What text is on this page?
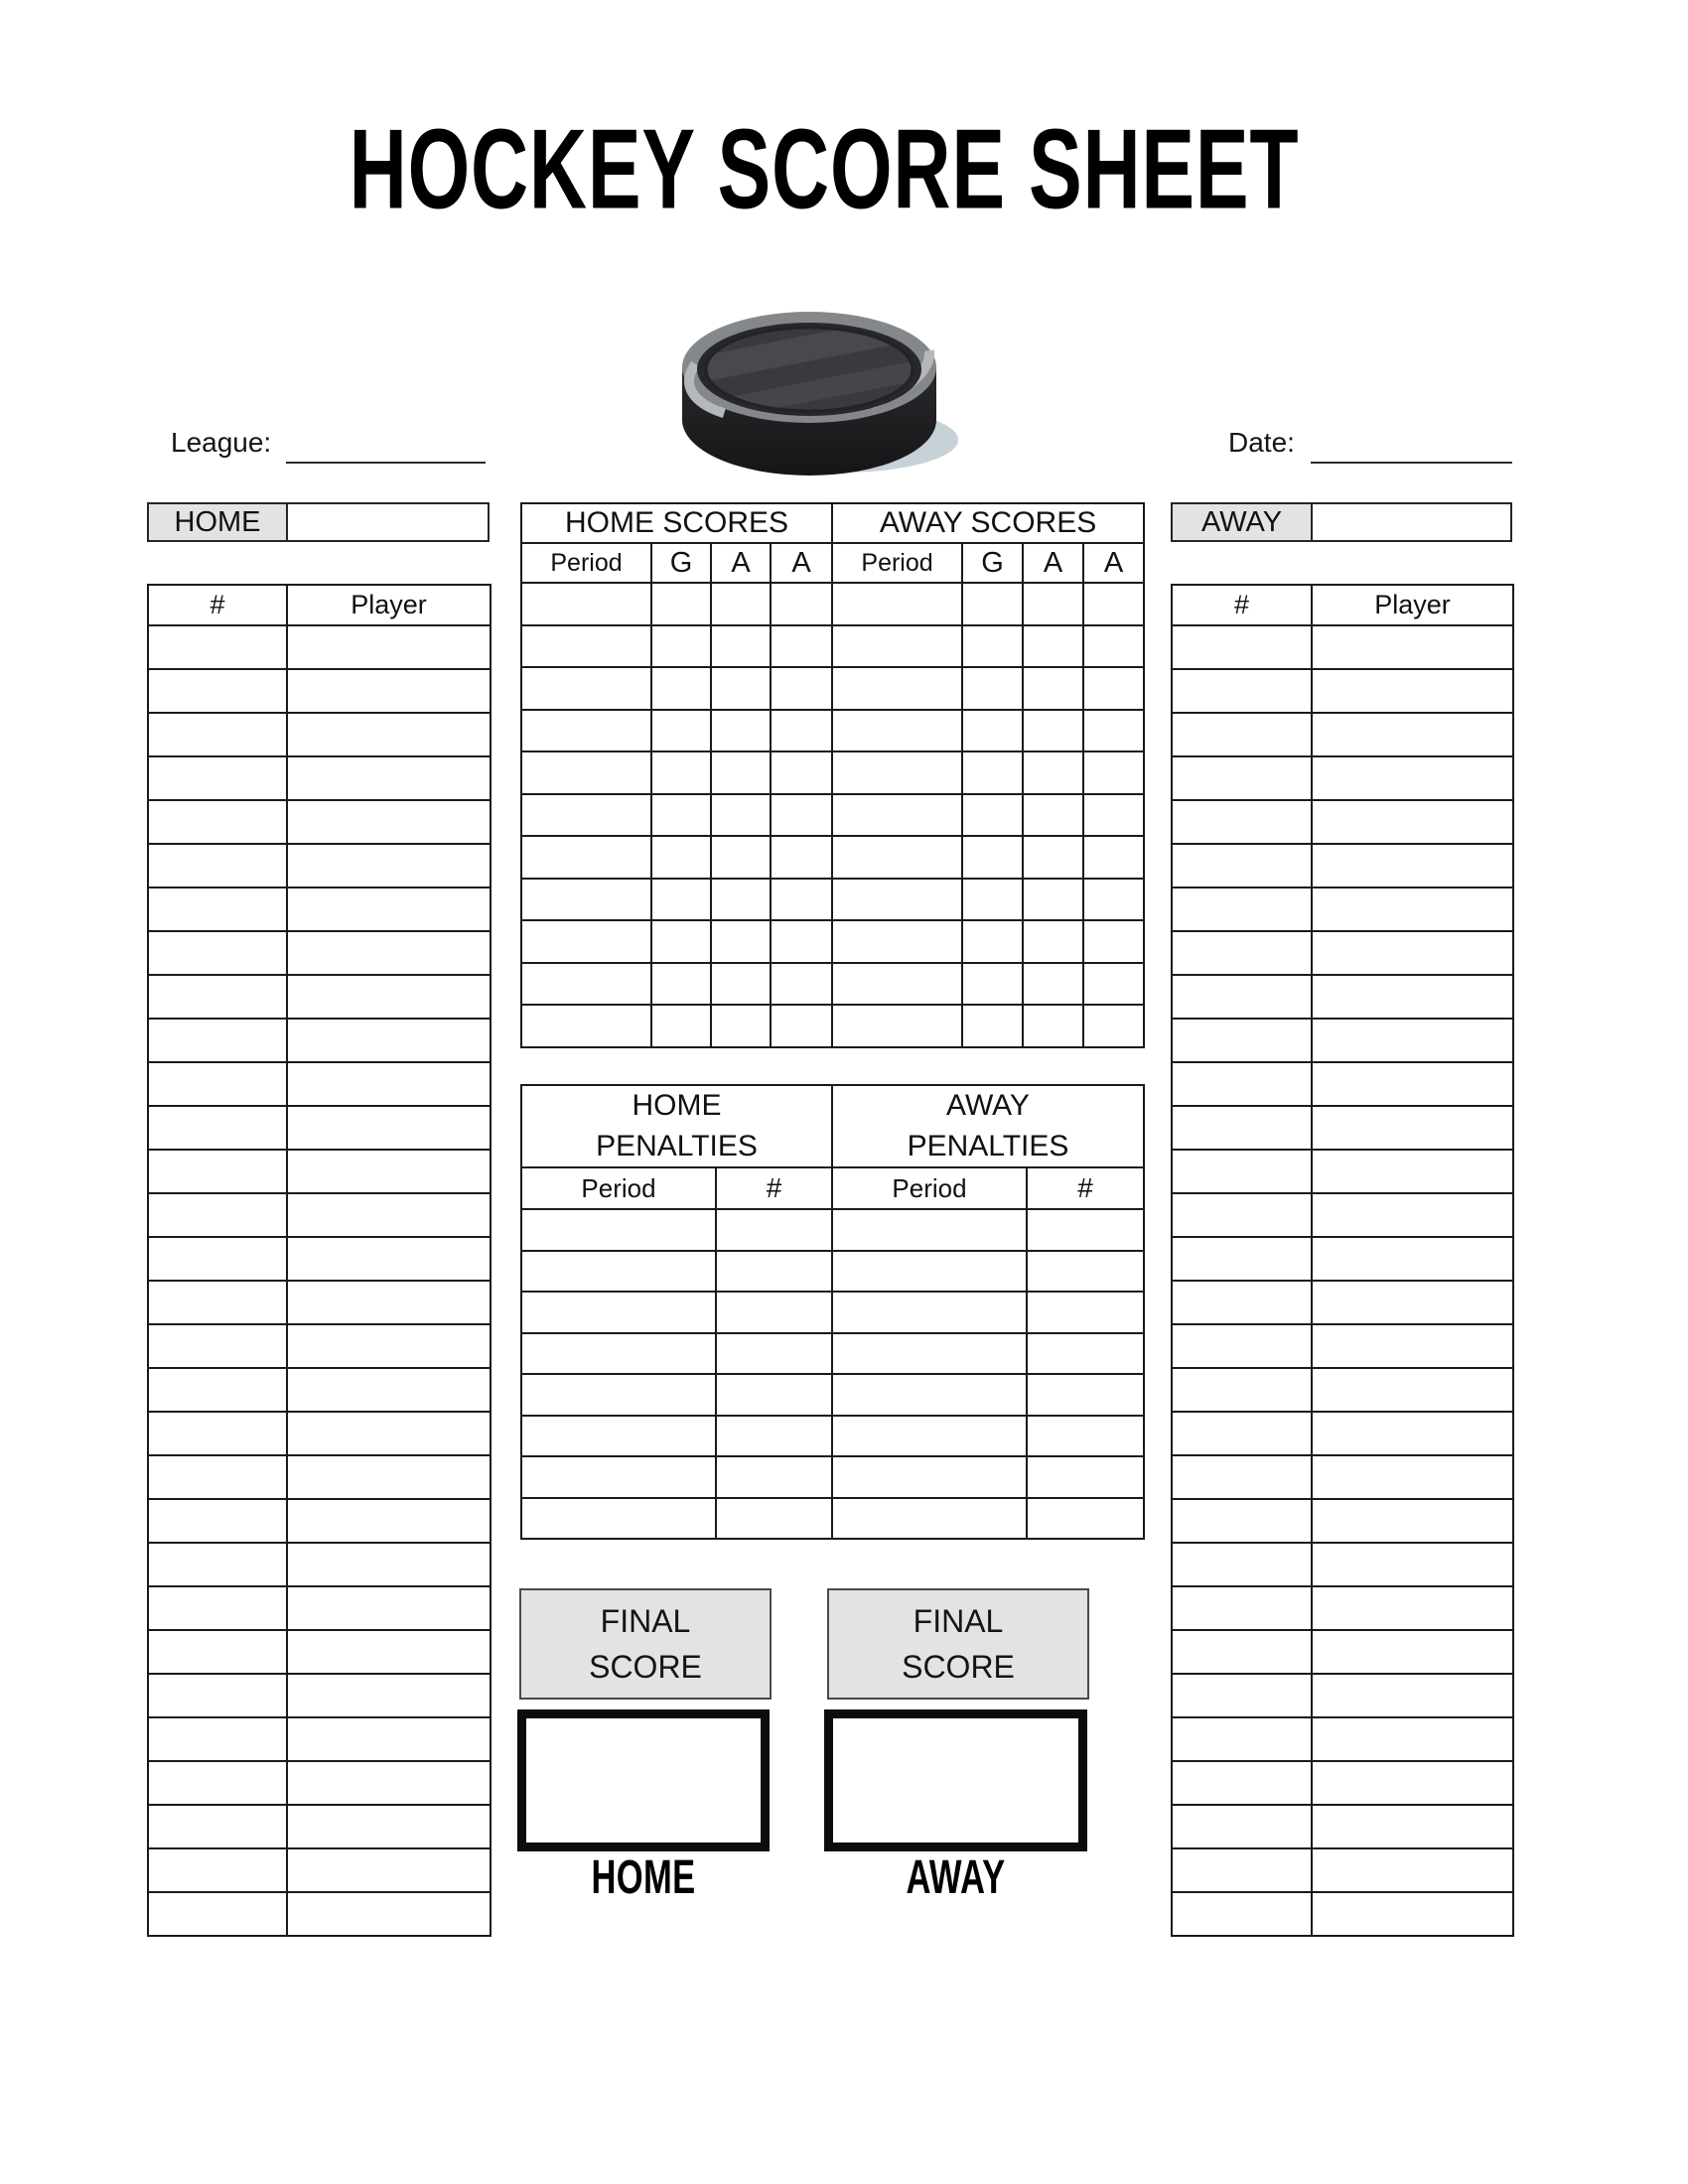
HOCKEY SCORE SHEET
League:	Date:
HOME	AWAY
#	Player

		#	Player

HOME SCORES				AWAY SCORES			
Period	G	A	A	Period	G	A	A

HOME
PENALTIES

AWAY
PENALTIES

Period	#	Period	#

FINAL
SCORE
FINAL
SCORE
HOME	AWAY
